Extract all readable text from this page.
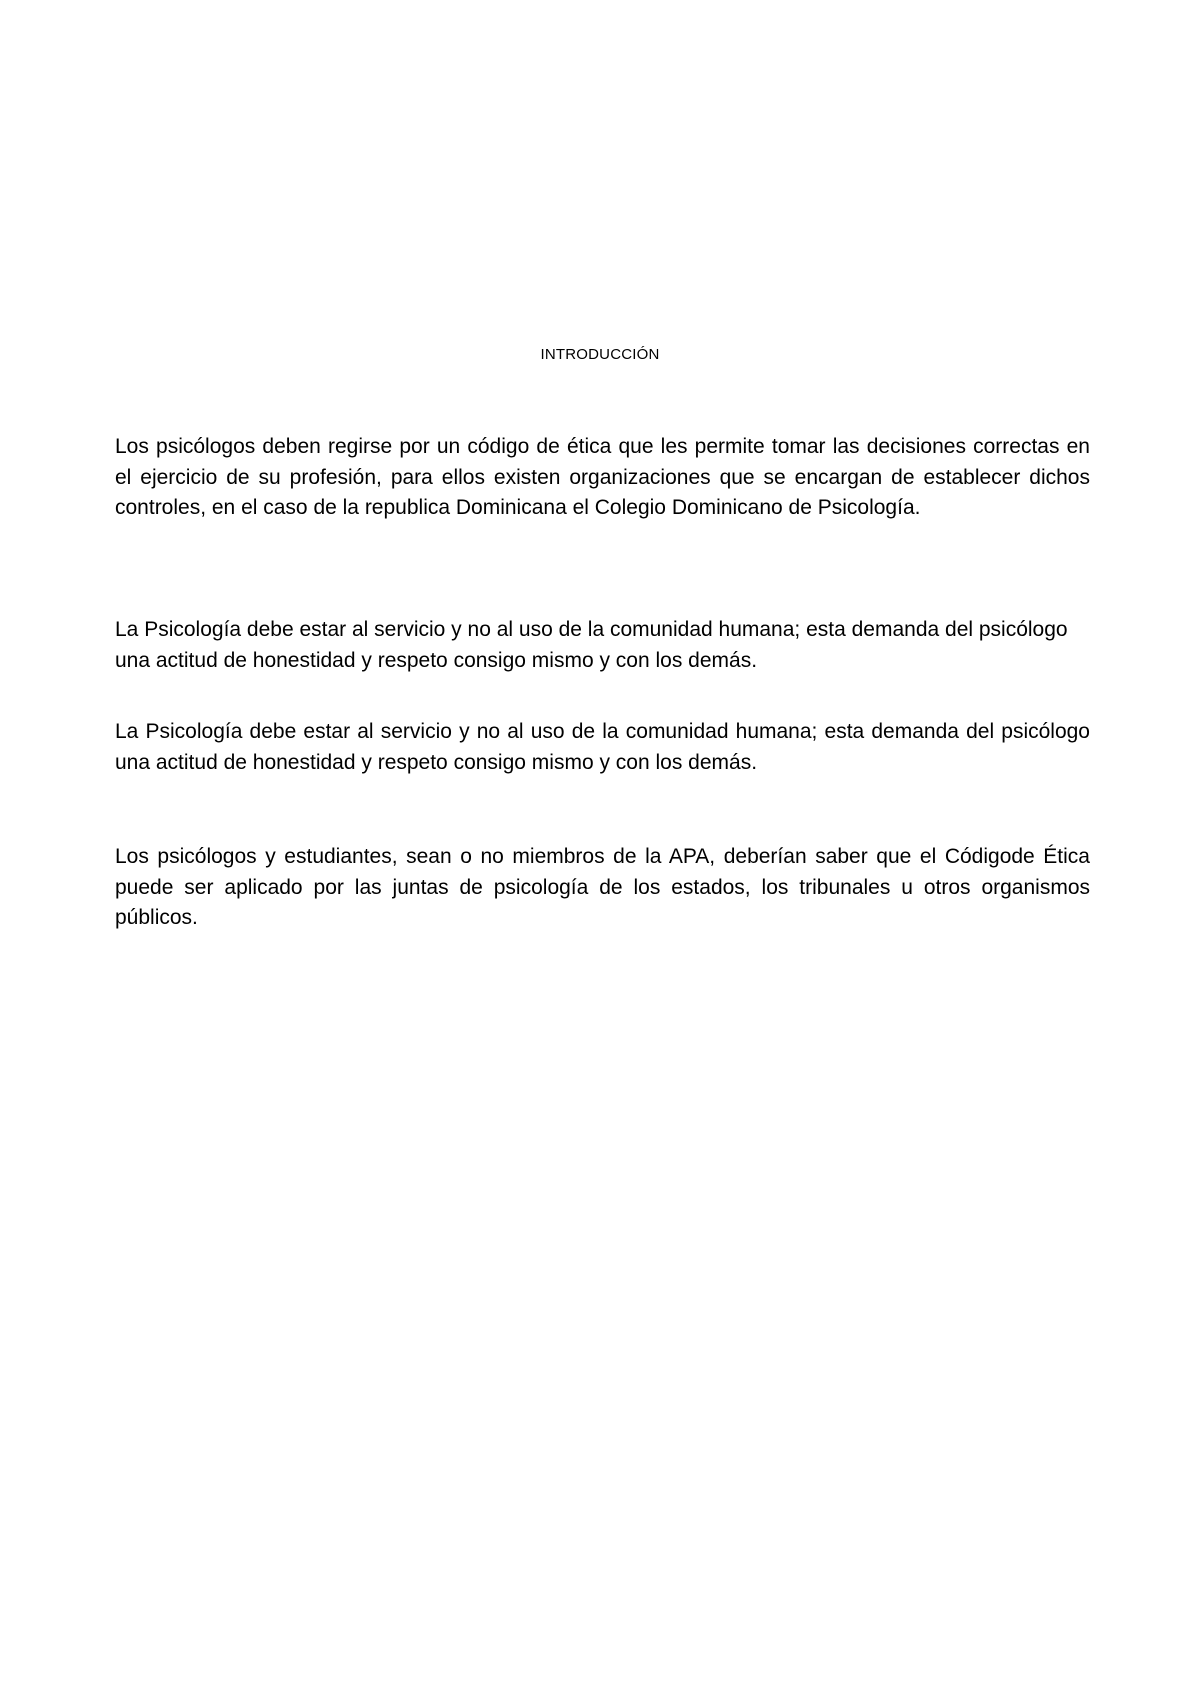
INTRODUCCIÓN

Los psicólogos deben regirse por un código de ética que les permite tomar las decisiones correctas en el ejercicio de su profesión, para ellos existen organizaciones que se encargan de establecer dichos controles, en el caso de la republica Dominicana el Colegio Dominicano de Psicología.

La Psicología debe estar al servicio y no al uso de la comunidad humana; esta demanda del psicólogo una actitud de honestidad y respeto consigo mismo y con los demás.

La Psicología debe estar al servicio y no al uso de la comunidad humana; esta demanda del psicólogo una actitud de honestidad y respeto consigo mismo y con los demás.

Los psicólogos y estudiantes, sean o no miembros de la APA, deberían saber que el Códigode Ética puede ser aplicado por las juntas de psicología de los estados, los tribunales u otros organismos públicos.
